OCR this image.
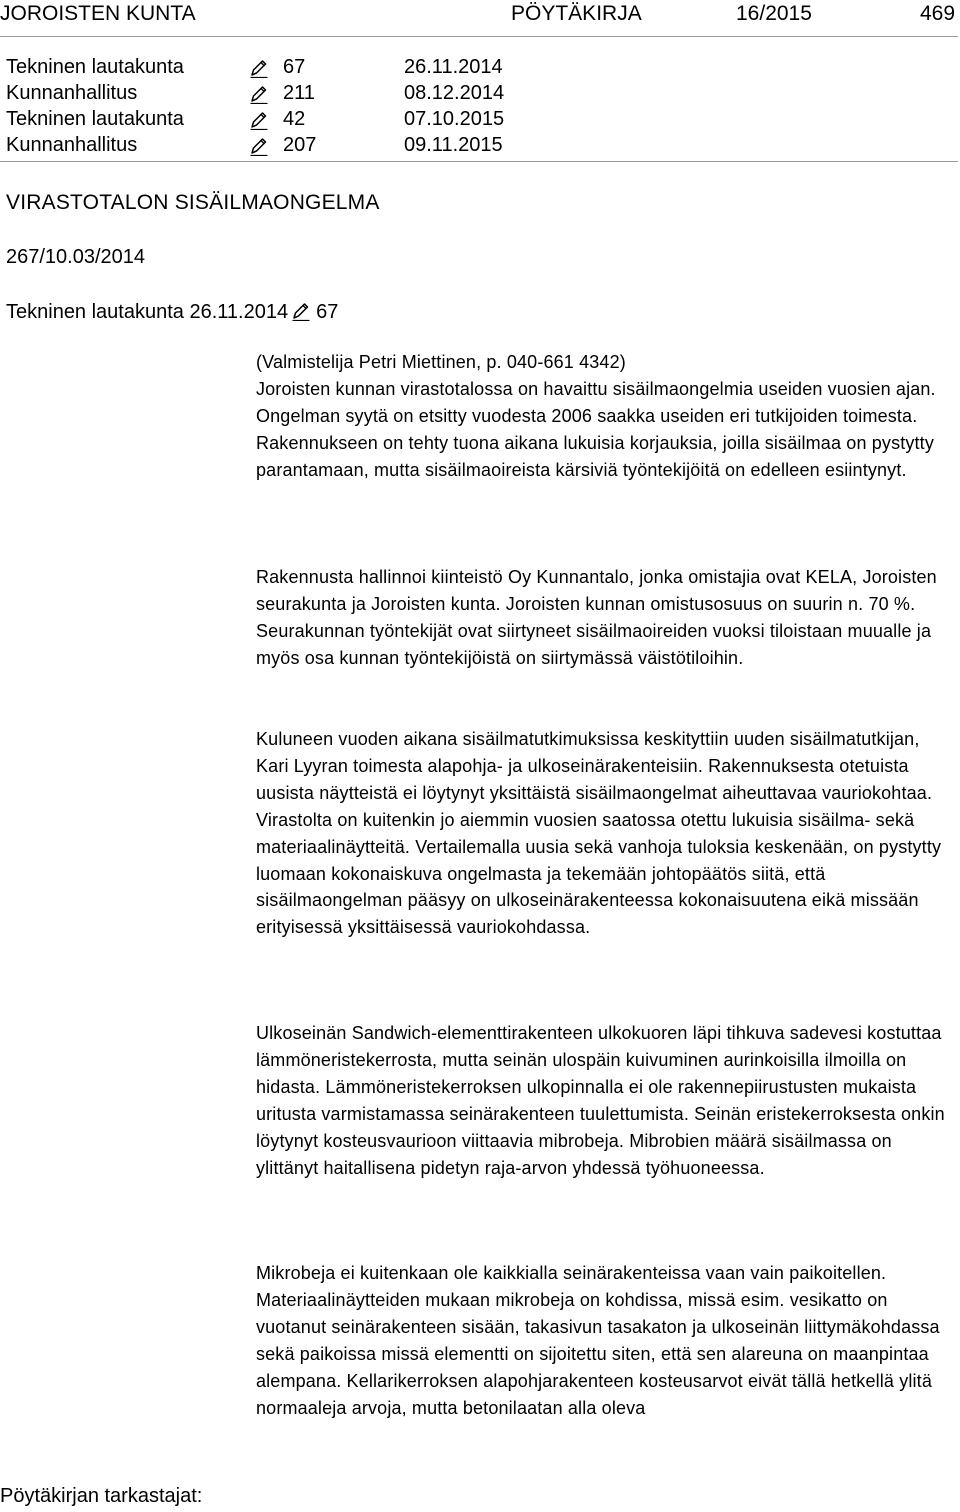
JOROISTEN KUNTA	PÖYTÄKIRJA	16/2015	469
Tekninen lautakunta	67	26.11.2014
Kunnanhallitus	211	08.12.2014
Tekninen lautakunta	42	07.10.2015
Kunnanhallitus	207	09.11.2015
VIRASTOTALON SISÄILMAONGELMA
267/10.03/2014
Tekninen lautakunta 26.11.2014 67

(Valmistelija Petri Miettinen, p. 040-661 4342)
Joroisten kunnan virastotalossa on havaittu sisäilmaongelmia useiden vuosien ajan. Ongelman syytä on etsitty vuodesta 2006 saakka useiden eri tutkijoiden toimesta. Rakennukseen on tehty tuona aikana lukuisia korjauksia, joilla sisäilmaa on pystytty parantamaan, mutta sisäilmaoireista kärsiviä työntekijöitä on edelleen esiintynyt.

Rakennusta hallinnoi kiinteistö Oy Kunnantalo, jonka omistajia ovat KELA, Joroisten seurakunta ja Joroisten kunta. Joroisten kunnan omistusosuus on suurin n. 70 %. Seurakunnan työntekijät ovat siirtyneet sisäilmaoireiden vuoksi tiloistaan muualle ja myös osa kunnan työntekijöistä on siirtymässä väistötiloihin.

Kuluneen vuoden aikana sisäilmatutkimuksissa keskityttiin uuden sisäilmatutkijan, Kari Lyyran toimesta alapohja- ja ulkoseinärakenteisiin. Rakennuksesta otetuista uusista näytteistä ei löytynyt yksittäistä sisäilmaongelmat aiheuttavaa vauriokohtaa. Virastolta on kuitenkin jo aiemmin vuosien saatossa otettu lukuisia sisäilma- sekä materiaalinäytteitä. Vertailemalla uusia sekä vanhoja tuloksia keskenään, on pystytty luomaan kokonaiskuva ongelmasta ja tekemään johtopäätös siitä, että sisäilmaongelman pääsyy on ulkoseinärakenteessa kokonaisuutena eikä missään erityisessä yksittäisessä vauriokohdassa.

Ulkoseinän Sandwich-elementtirakenteen ulkokuoren läpi tihkuva sadevesi kostuttaa lämmöneristekerrosta, mutta seinän ulospäin kuivuminen aurinkoisilla ilmoilla on hidasta. Lämmöneristekerroksen ulkopinnalla ei ole rakennepiirustusten mukaista uritusta varmistamassa seinärakenteen tuulettumista. Seinän eristekerroksesta onkin löytynyt kosteusvaurioon viittaavia mibrobeja. Mibrobien määrä sisäilmassa on ylittänyt haitallisena pidetyn raja-arvon yhdessä työhuoneessa.

Mikrobeja ei kuitenkaan ole kaikkialla seinärakenteissa vaan vain paikoitellen. Materiaalinäytteiden mukaan mikrobeja on kohdissa, missä esim. vesikatto on vuotanut seinärakenteen sisään, takasivun tasakaton ja ulkoseinän liittymäkohdassa sekä paikoissa missä elementti on sijoitettu siten, että sen alareuna on maanpintaa alempana. Kellarikerroksen alapohjarakenteen kosteusarvot eivät tällä hetkellä ylitä normaaleja arvoja, mutta betonilaatan alla oleva

Pöytäkirjan tarkastajat:
